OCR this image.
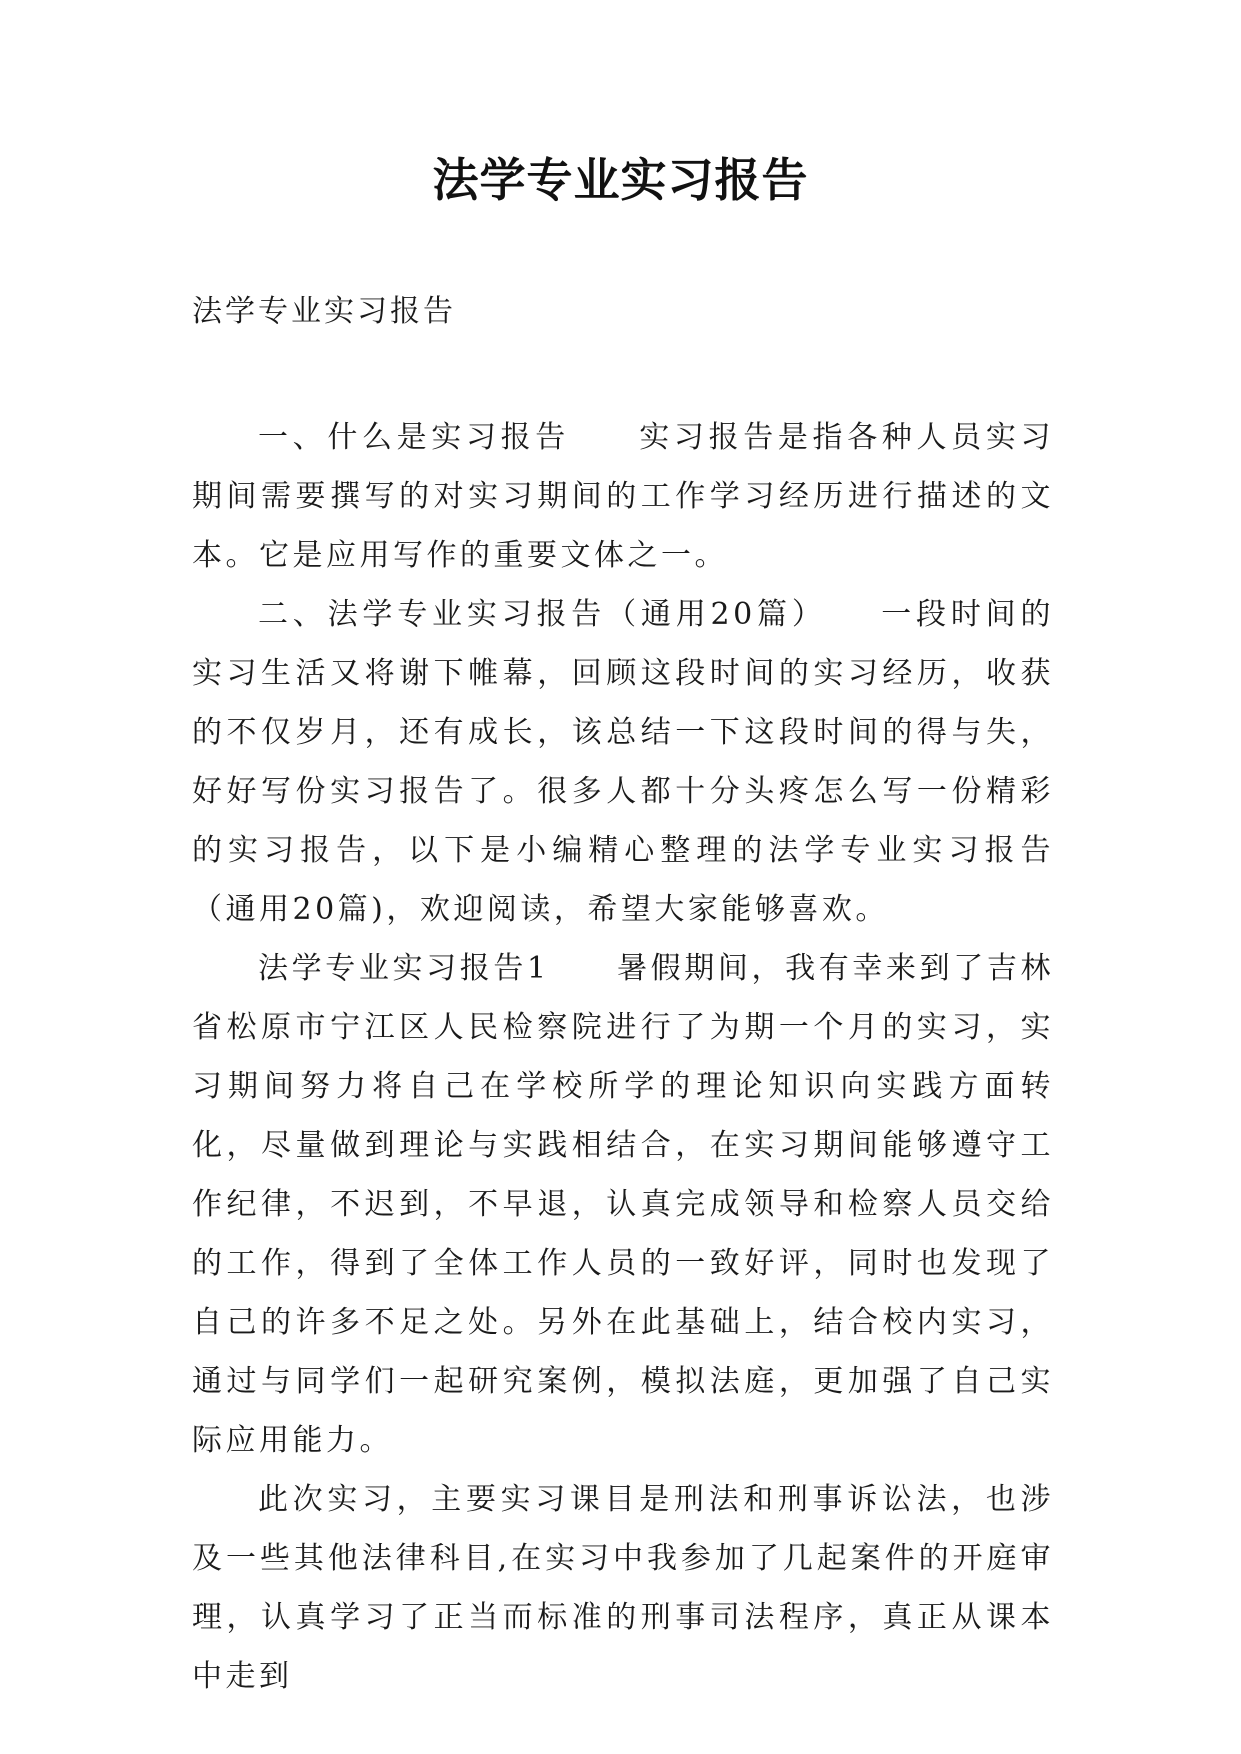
法学专业实习报告
法学专业实习报告

一、什么是实习报告　　实习报告是指各种人员实习期间需要撰写的对实习期间的工作学习经历进行描述的文本。它是应用写作的重要文体之一。

二、法学专业实习报告（通用20篇）　　一段时间的实习生活又将谢下帷幕，回顾这段时间的实习经历，收获的不仅岁月，还有成长，该总结一下这段时间的得与失，好好写份实习报告了。很多人都十分头疼怎么写一份精彩的实习报告，以下是小编精心整理的法学专业实习报告（通用20篇)，欢迎阅读，希望大家能够喜欢。

法学专业实习报告1　　暑假期间，我有幸来到了吉林省松原市宁江区人民检察院进行了为期一个月的实习，实习期间努力将自己在学校所学的理论知识向实践方面转化，尽量做到理论与实践相结合，在实习期间能够遵守工作纪律，不迟到，不早退，认真完成领导和检察人员交给的工作，得到了全体工作人员的一致好评，同时也发现了自己的许多不足之处。另外在此基础上，结合校内实习，通过与同学们一起研究案例，模拟法庭，更加强了自己实际应用能力。

此次实习，主要实习课目是刑法和刑事诉讼法，也涉及一些其他法律科目,在实习中我参加了几起案件的开庭审理，认真学习了正当而标准的刑事司法程序，真正从课本中走到
